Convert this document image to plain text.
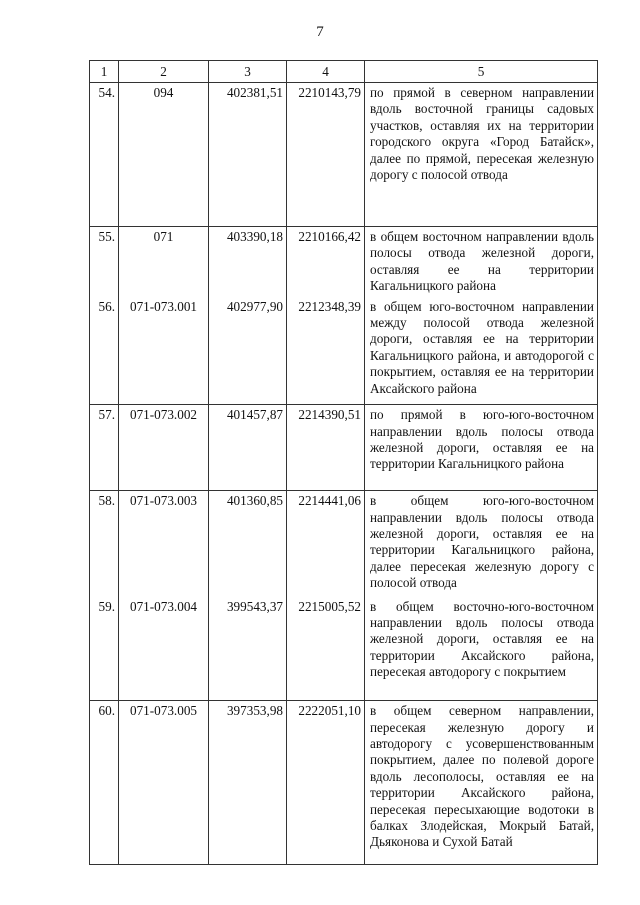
7
1	2	3	4	5
54.	094	402381,51	2210143,79	по прямой в северном направлении вдоль восточной границы садовых участков, оставляя их на территории городского округа «Город Батайск», далее по прямой, пересекая железную дорогу с полосой отвода
55.	071	403390,18	2210166,42	в общем восточном направлении вдоль полосы отвода железной дороги, оставляя ее на территории Кагальницкого района
56.	071-073.001	402977,90	2212348,39	в общем юго-восточном направлении между полосой отвода железной дороги, оставляя ее на территории Кагальницкого района, и автодорогой с покрытием, оставляя ее на территории Аксайского района
57.	071-073.002	401457,87	2214390,51	по прямой в юго-юго-восточном направлении вдоль полосы отвода железной дороги, оставляя ее на территории Кагальницкого района
58.	071-073.003	401360,85	2214441,06	в общем юго-юго-восточном направлении вдоль полосы отвода железной дороги, оставляя ее на территории Кагальницкого района, далее пересекая железную дорогу с полосой отвода
59.	071-073.004	399543,37	2215005,52	в общем восточно-юго-восточном направлении вдоль полосы отвода железной дороги, оставляя ее на территории Аксайского района, пересекая автодорогу с покрытием
60.	071-073.005	397353,98	2222051,10	в общем северном направлении, пересекая железную дорогу и автодорогу с усовершенствованным покрытием, далее по полевой дороге вдоль лесополосы, оставляя ее на территории Аксайского района, пересекая пересыхающие водотоки в балках Злодейская, Мокрый Батай, Дьяконова и Сухой Батай
